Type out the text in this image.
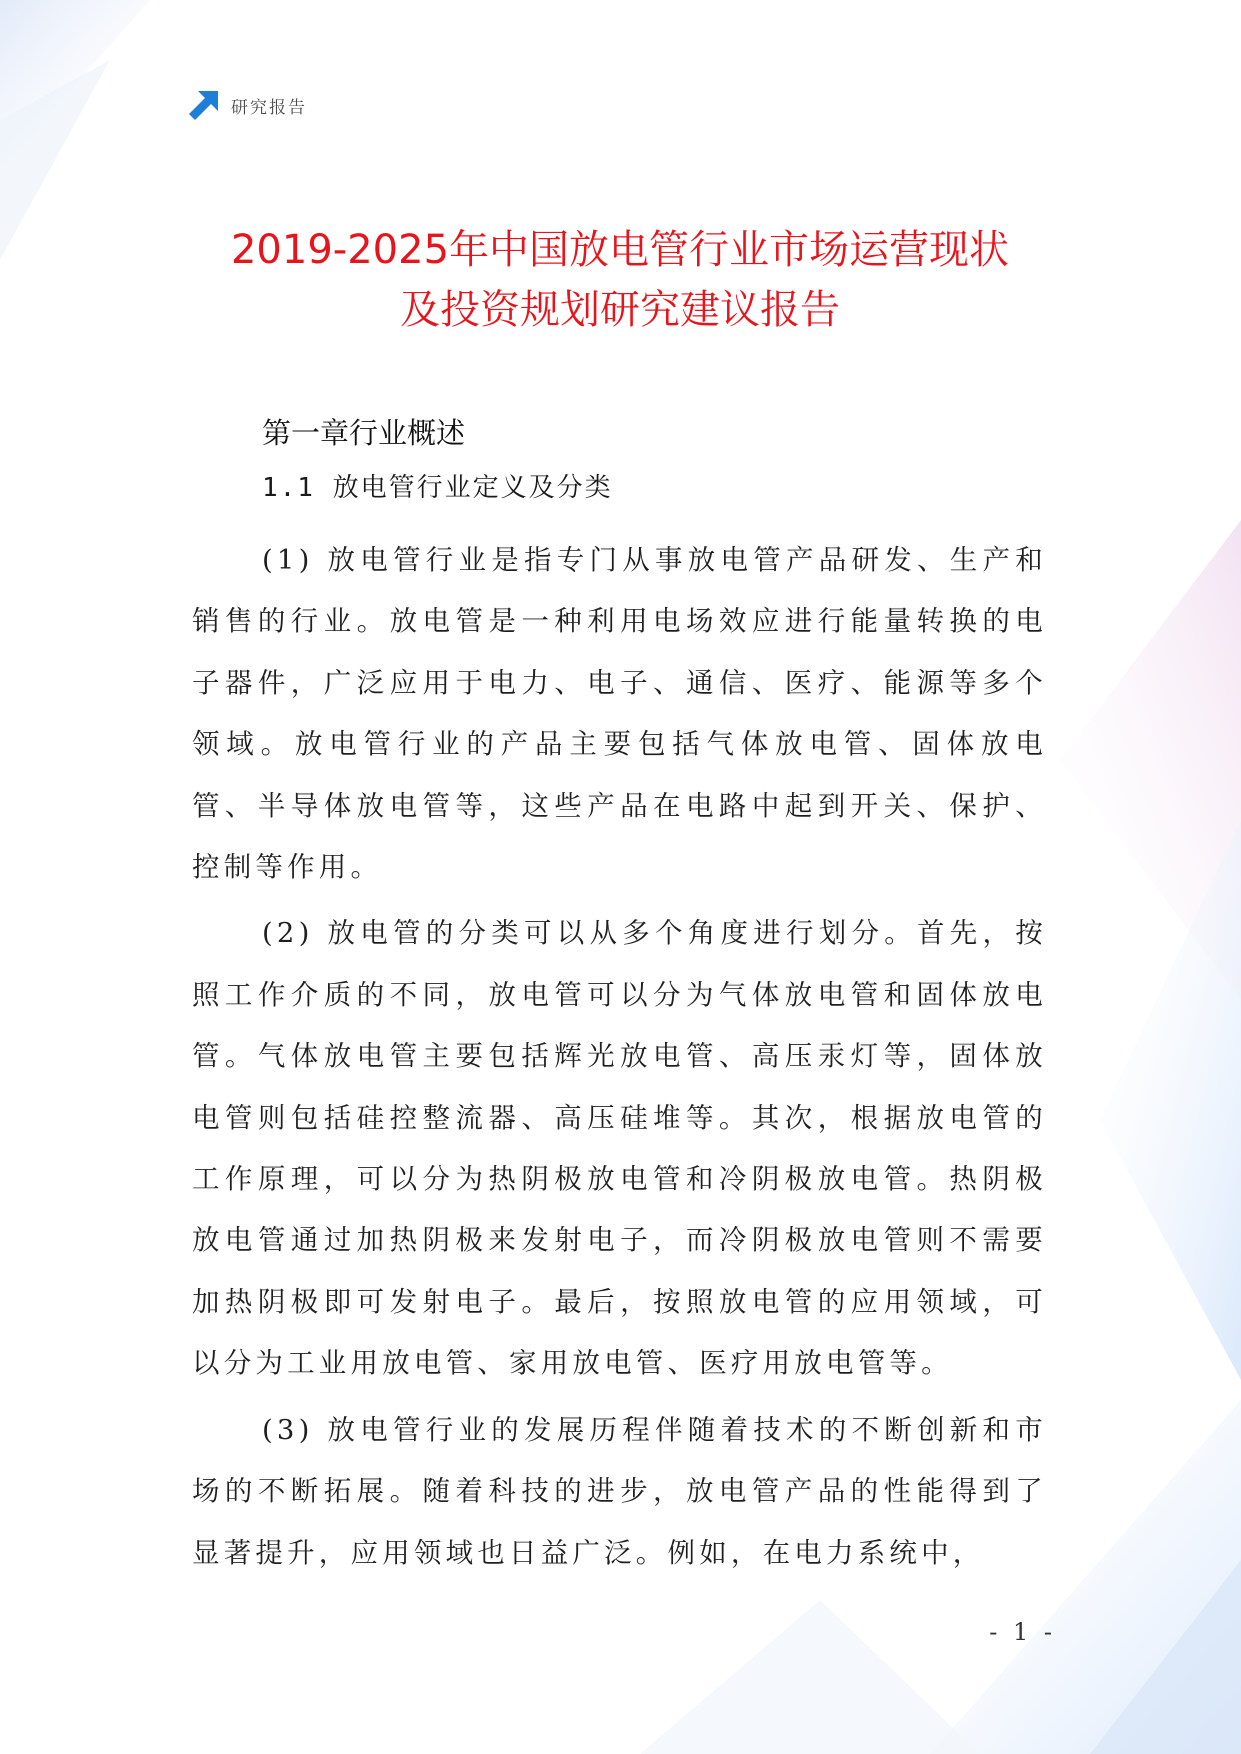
研究报告
2019-2025年中国放电管行业市场运营现状
及投资规划研究建议报告
第一章行业概述
1.1 放电管行业定义及分类

(1) 放电管行业是指专门从事放电管产品研发、生产和销售的行业。放电管是一种利用电场效应进行能量转换的电子器件，广泛应用于电力、电子、通信、医疗、能源等多个领域。放电管行业的产品主要包括气体放电管、固体放电管、半导体放电管等，这些产品在电路中起到开关、保护、控制等作用。

(2) 放电管的分类可以从多个角度进行划分。首先，按照工作介质的不同，放电管可以分为气体放电管和固体放电管。气体放电管主要包括辉光放电管、高压汞灯等，固体放电管则包括硅控整流器、高压硅堆等。其次，根据放电管的工作原理，可以分为热阴极放电管和冷阴极放电管。热阴极放电管通过加热阴极来发射电子，而冷阴极放电管则不需要加热阴极即可发射电子。最后，按照放电管的应用领域，可以分为工业用放电管、家用放电管、医疗用放电管等。

(3) 放电管行业的发展历程伴随着技术的不断创新和市场的不断拓展。随着科技的进步，放电管产品的性能得到了显著提升，应用领域也日益广泛。例如，在电力系统中，

- 1 -
